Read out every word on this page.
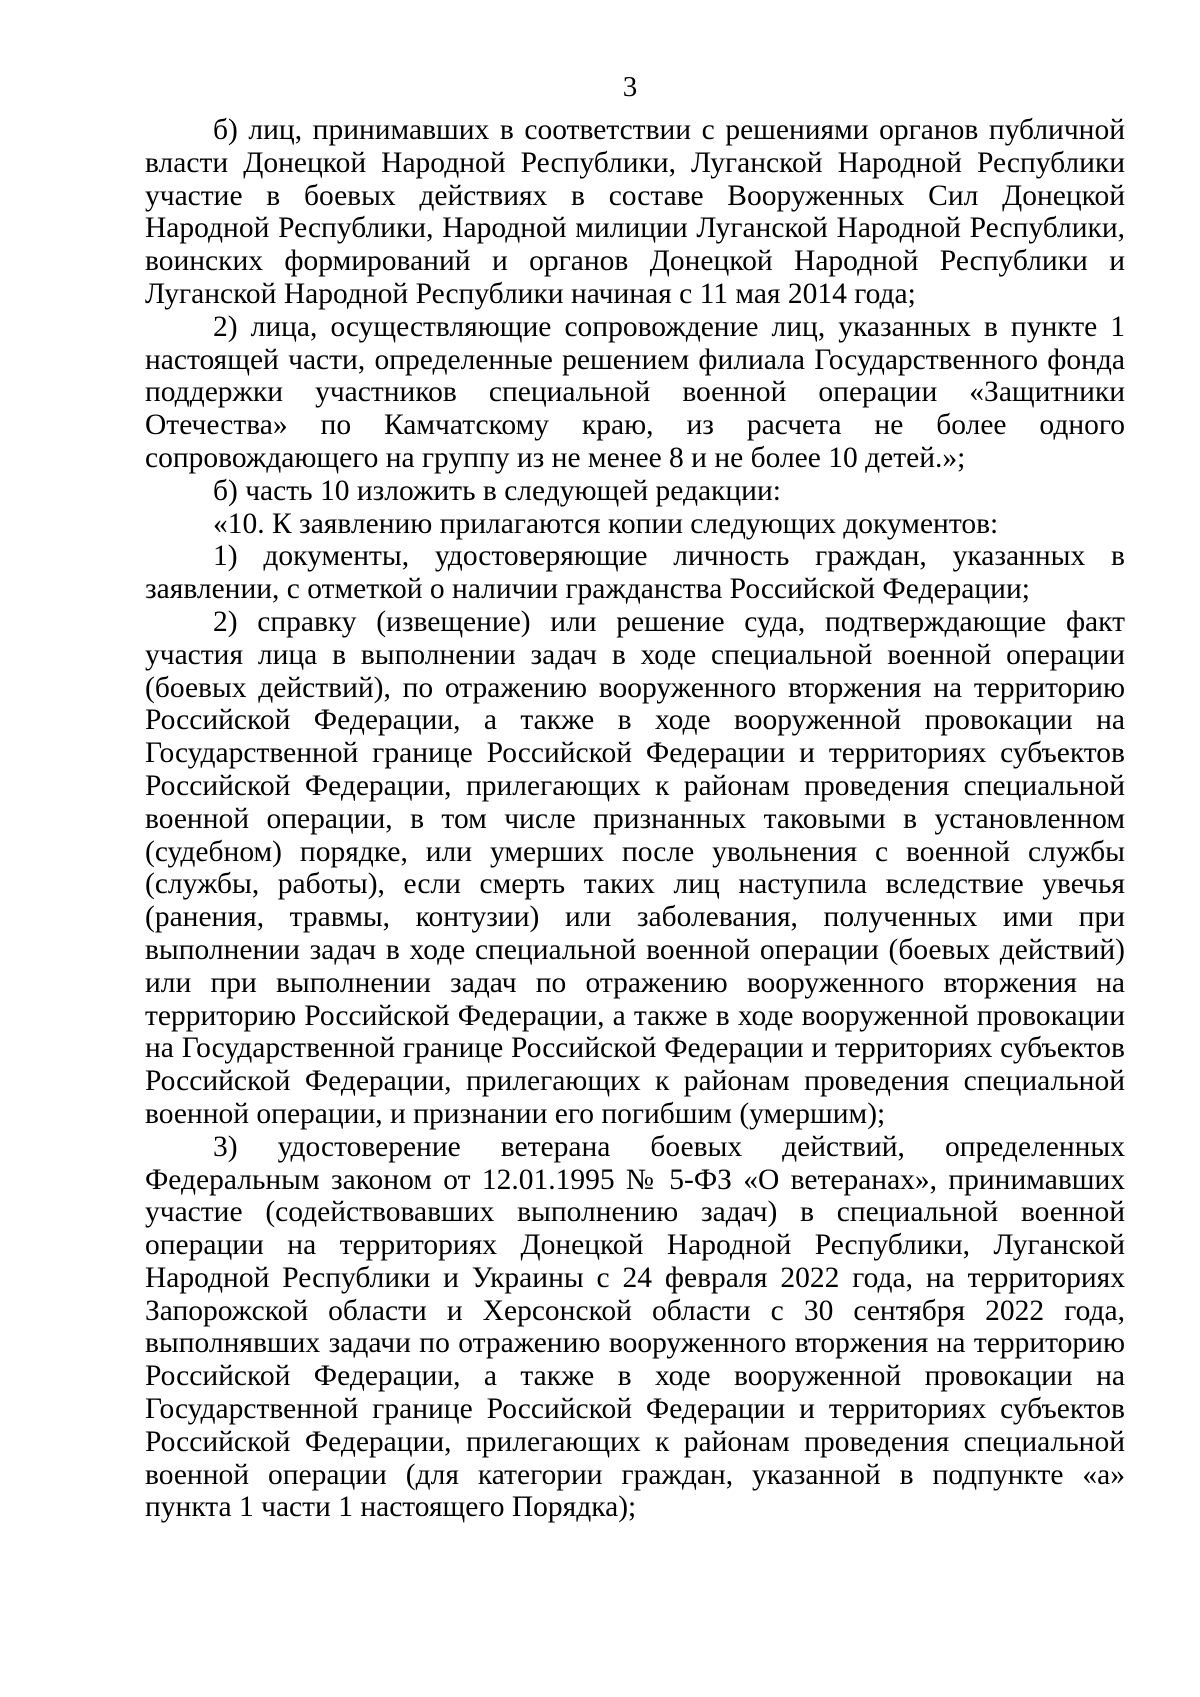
3

б) лиц, принимавших в соответствии с решениями органов публичной власти Донецкой Народной Республики, Луганской Народной Республики участие в боевых действиях в составе Вооруженных Сил Донецкой Народной Республики, Народной милиции Луганской Народной Республики, воинских формирований и органов Донецкой Народной Республики и Луганской Народной Республики начиная с 11 мая 2014 года;

2) лица, осуществляющие сопровождение лиц, указанных в пункте 1 настоящей части, определенные решением филиала Государственного фонда поддержки участников специальной военной операции «Защитники Отечества» по Камчатскому краю, из расчета не более одного сопровождающего на группу из не менее 8 и не более 10 детей.»;

б) часть 10 изложить в следующей редакции:

«10. К заявлению прилагаются копии следующих документов:

1) документы, удостоверяющие личность граждан, указанных в заявлении, с отметкой о наличии гражданства Российской Федерации;

2) справку (извещение) или решение суда, подтверждающие факт участия лица в выполнении задач в ходе специальной военной операции (боевых действий), по отражению вооруженного вторжения на территорию Российской Федерации, а также в ходе вооруженной провокации на Государственной границе Российской Федерации и территориях субъектов Российской Федерации, прилегающих к районам проведения специальной военной операции, в том числе признанных таковыми в установленном (судебном) порядке, или умерших после увольнения с военной службы (службы, работы), если смерть таких лиц наступила вследствие увечья (ранения, травмы, контузии) или заболевания, полученных ими при выполнении задач в ходе специальной военной операции (боевых действий) или при выполнении задач по отражению вооруженного вторжения на территорию Российской Федерации, а также в ходе вооруженной провокации на Государственной границе Российской Федерации и территориях субъектов Российской Федерации, прилегающих к районам проведения специальной военной операции, и признании его погибшим (умершим);

3) удостоверение ветерана боевых действий, определенных Федеральным законом от 12.01.1995 № 5-ФЗ «О ветеранах», принимавших участие (содействовавших выполнению задач) в специальной военной операции на территориях Донецкой Народной Республики, Луганской Народной Республики и Украины с 24 февраля 2022 года, на территориях Запорожской области и Херсонской области с 30 сентября 2022 года, выполнявших задачи по отражению вооруженного вторжения на территорию Российской Федерации, а также в ходе вооруженной провокации на Государственной границе Российской Федерации и территориях субъектов Российской Федерации, прилегающих к районам проведения специальной военной операции (для категории граждан, указанной в подпункте «а» пункта 1 части 1 настоящего Порядка);
